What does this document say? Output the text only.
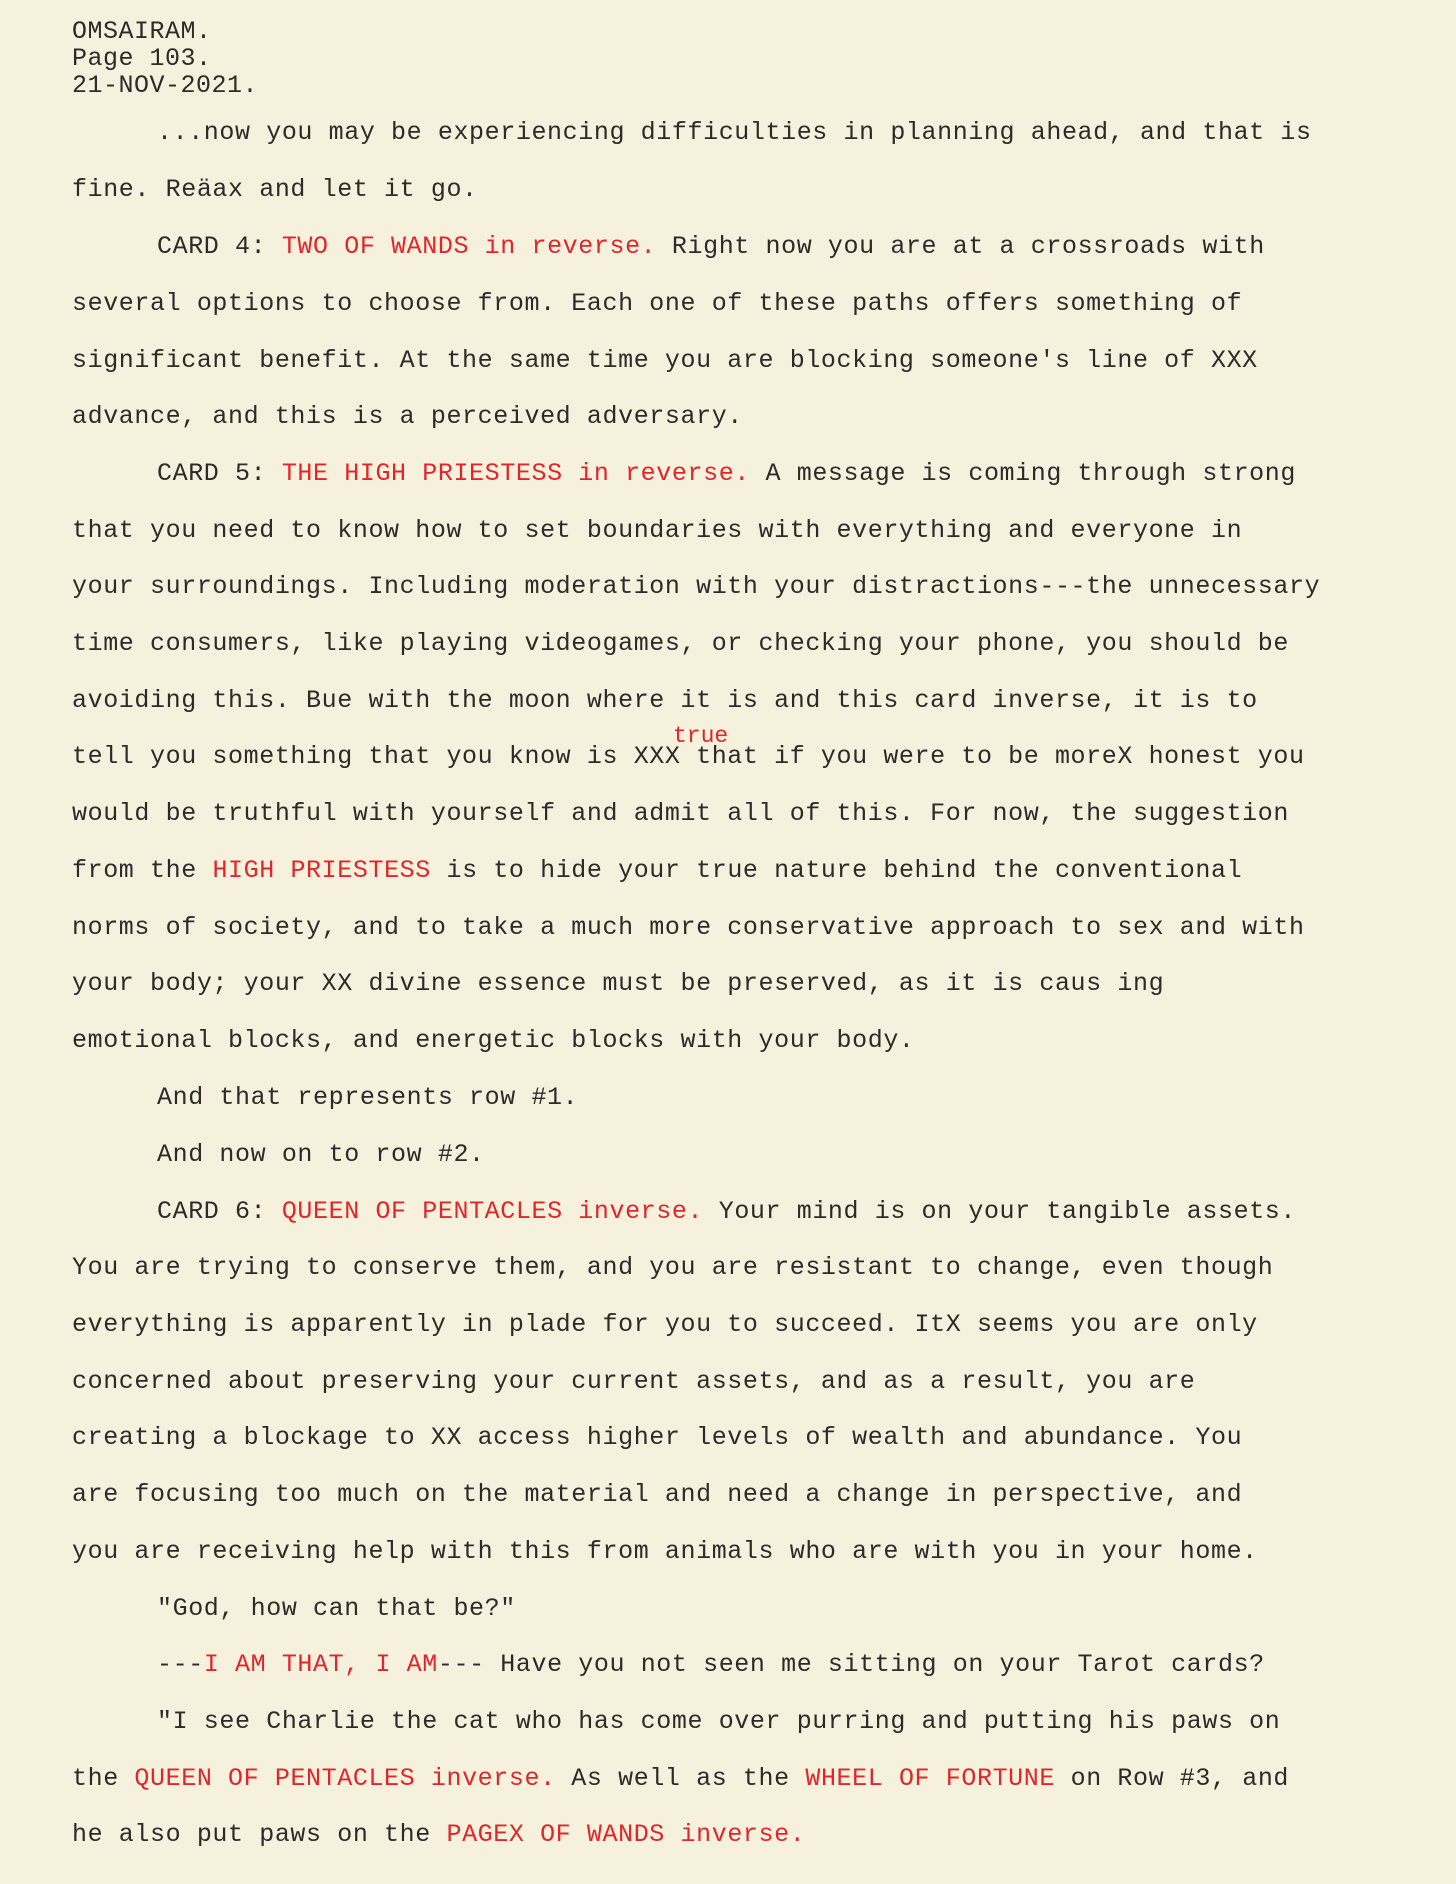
OMSAIRAM.
Page 103.
21-NOV-2021.
true
...now you may be experiencing difficulties in planning ahead, and that is
fine. Reäax and let it go.
CARD 4: TWO OF WANDS in reverse. Right now you are at a crossroads with
several options to choose from. Each one of these paths offers something of
significant benefit. At the same time you are blocking someone's line of XXX
advance, and this is a perceived adversary.
CARD 5: THE HIGH PRIESTESS in reverse. A message is coming through strong
that you need to know how to set boundaries with everything and everyone in
your surroundings. Including moderation with your distractions---the unnecessary
time consumers, like playing videogames, or checking your phone, you should be
avoiding this. Bue with the moon where it is and this card inverse, it is to
tell you something that you know is XXX that if you were to be moreX honest you
would be truthful with yourself and admit all of this. For now, the suggestion
from the HIGH PRIESTESS is to hide your true nature behind the conventional
norms of society, and to take a much more conservative approach to sex and with
your body; your XX divine essence must be preserved, as it is caus ing
emotional blocks, and energetic blocks with your body.
And that represents row #1.
And now on to row #2.
CARD 6: QUEEN OF PENTACLES inverse. Your mind is on your tangible assets.
You are trying to conserve them, and you are resistant to change, even though
everything is apparently in plade for you to succeed. ItX seems you are only
concerned about preserving your current assets, and as a result, you are
creating a blockage to XX access higher levels of wealth and abundance. You
are focusing too much on the material and need a change in perspective, and
you are receiving help with this from animals who are with you in your home.
"God, how can that be?"
---I AM THAT, I AM--- Have you not seen me sitting on your Tarot cards?
"I see Charlie the cat who has come over purring and putting his paws on
the QUEEN OF PENTACLES inverse. As well as the WHEEL OF FORTUNE on Row #3, and
he also put paws on the PAGEX OF WANDS inverse.
